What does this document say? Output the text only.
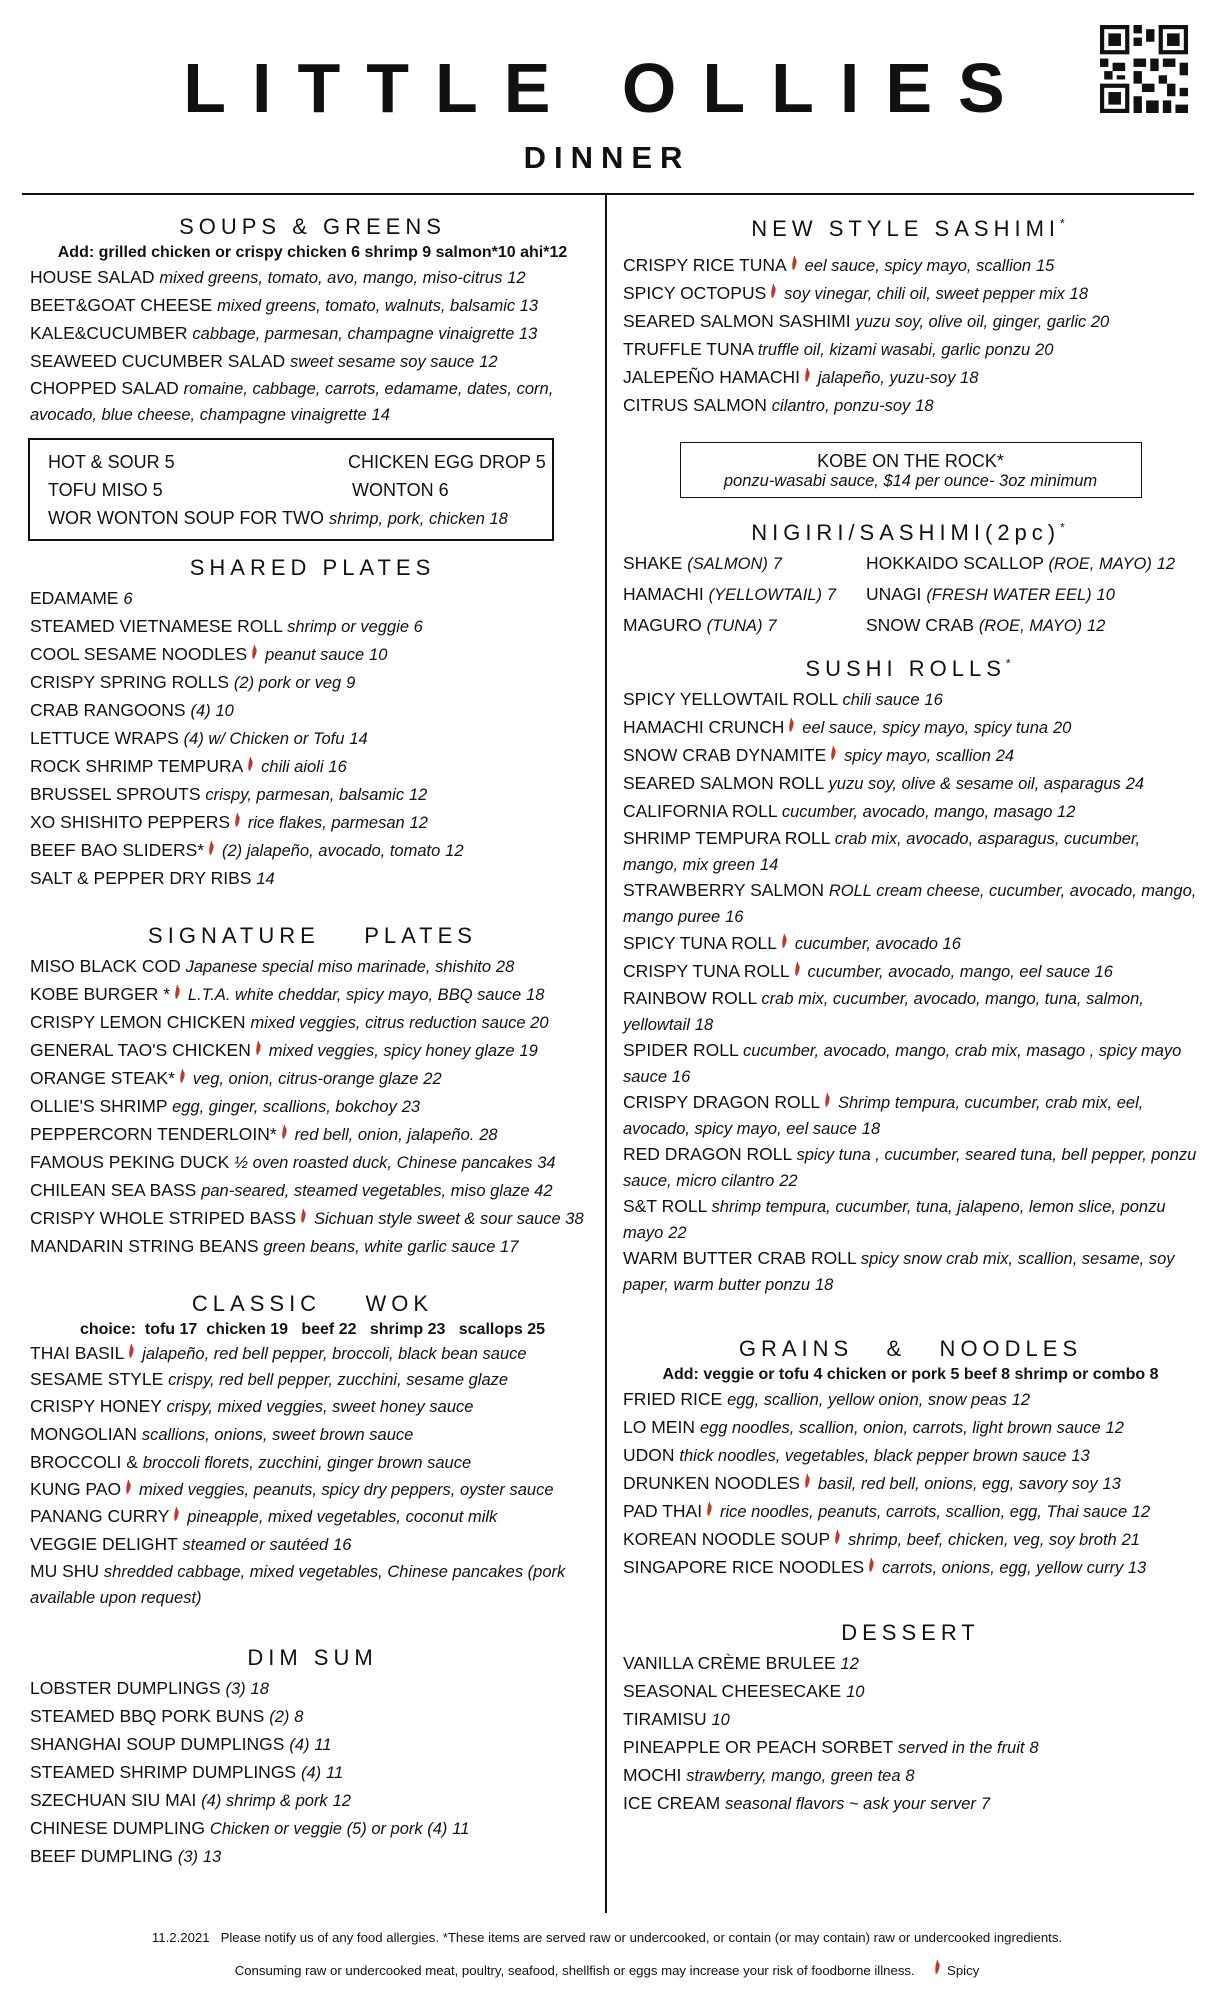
LITTLE OLLIES
DINNER
SOUPS & GREENS
Add: grilled chicken or crispy chicken 6 shrimp 9 salmon*10 ahi*12
HOUSE SALAD mixed greens, tomato, avo, mango, miso-citrus 12
BEET&GOAT CHEESE mixed greens, tomato, walnuts, balsamic 13
KALE&CUCUMBER cabbage, parmesan, champagne vinaigrette 13
SEAWEED CUCUMBER SALAD sweet sesame soy sauce 12
CHOPPED SALAD romaine, cabbage, carrots, edamame, dates, corn, avocado, blue cheese, champagne vinaigrette 14
HOT & SOUR 5	CHICKEN EGG DROP 5
TOFU MISO 5	WONTON 6
WOR WONTON SOUP FOR TWO shrimp, pork, chicken 18
SHARED PLATES
EDAMAME 6
STEAMED VIETNAMESE ROLL shrimp or veggie 6
COOL SESAME NOODLES peanut sauce 10
CRISPY SPRING ROLLS (2) pork or veg 9
CRAB RANGOONS (4) 10
LETTUCE WRAPS (4) w/ Chicken or Tofu 14
ROCK SHRIMP TEMPURA chili aioli 16
BRUSSEL SPROUTS crispy, parmesan, balsamic 12
XO SHISHITO PEPPERS rice flakes, parmesan 12
BEEF BAO SLIDERS* (2) jalapeño, avocado, tomato 12
SALT & PEPPER DRY RIBS 14
SIGNATURE    PLATES
MISO BLACK COD Japanese special miso marinade, shishito 28
KOBE BURGER * L.T.A. white cheddar, spicy mayo, BBQ sauce 18
CRISPY LEMON CHICKEN mixed veggies, citrus reduction sauce 20
GENERAL TAO'S CHICKEN mixed veggies, spicy honey glaze 19
ORANGE STEAK* veg, onion, citrus-orange glaze 22
OLLIE'S SHRIMP egg, ginger, scallions, bokchoy 23
PEPPERCORN TENDERLOIN* red bell, onion, jalapeño. 28
FAMOUS PEKING DUCK ½ oven roasted duck, Chinese pancakes 34
CHILEAN SEA BASS pan-seared, steamed vegetables, miso glaze 42
CRISPY WHOLE STRIPED BASS Sichuan style sweet & sour sauce 38
MANDARIN STRING BEANS green beans, white garlic sauce 17
CLASSIC    WOK
choice:  tofu 17  chicken 19   beef 22   shrimp 23   scallops 25
THAI BASIL jalapeño, red bell pepper, broccoli, black bean sauce
SESAME STYLE crispy, red bell pepper, zucchini, sesame glaze
CRISPY HONEY crispy, mixed veggies, sweet honey sauce
MONGOLIAN scallions, onions, sweet brown sauce
BROCCOLI & broccoli florets, zucchini, ginger brown sauce
KUNG PAO mixed veggies, peanuts, spicy dry peppers, oyster sauce
PANANG CURRY pineapple, mixed vegetables, coconut milk
VEGGIE DELIGHT steamed or sautéed 16
MU SHU shredded cabbage, mixed vegetables, Chinese pancakes (pork available upon request)
DIM SUM
LOBSTER DUMPLINGS (3) 18
STEAMED BBQ PORK BUNS (2) 8
SHANGHAI SOUP DUMPLINGS (4) 11
STEAMED SHRIMP DUMPLINGS (4) 11
SZECHUAN SIU MAI (4) shrimp & pork 12
CHINESE DUMPLING Chicken or veggie (5) or pork (4) 11
BEEF DUMPLING (3) 13
NEW STYLE SASHIMI*
CRISPY RICE TUNA eel sauce, spicy mayo, scallion 15
SPICY OCTOPUS soy vinegar, chili oil, sweet pepper mix 18
SEARED SALMON SASHIMI yuzu soy, olive oil, ginger, garlic 20
TRUFFLE TUNA truffle oil, kizami wasabi, garlic ponzu 20
JALEPEÑO HAMACHI jalapeño, yuzu-soy 18
CITRUS SALMON cilantro, ponzu-soy 18
KOBE ON THE ROCK*
ponzu-wasabi sauce, $14 per ounce- 3oz minimum
NIGIRI/SASHIMI(2pc)*
SHAKE (SALMON) 7	HOKKAIDO SCALLOP (ROE, MAYO) 12
HAMACHI (YELLOWTAIL) 7	UNAGI (FRESH WATER EEL) 10
MAGURO (TUNA) 7	SNOW CRAB (ROE, MAYO) 12
SUSHI ROLLS*
SPICY YELLOWTAIL ROLL chili sauce 16
HAMACHI CRUNCH eel sauce, spicy mayo, spicy tuna 20
SNOW CRAB DYNAMITE spicy mayo, scallion 24
SEARED SALMON ROLL yuzu soy, olive & sesame oil, asparagus 24
CALIFORNIA ROLL cucumber, avocado, mango, masago 12
SHRIMP TEMPURA ROLL crab mix, avocado, asparagus, cucumber, mango, mix green 14
STRAWBERRY SALMON ROLL cream cheese, cucumber, avocado, mango, mango puree 16
SPICY TUNA ROLL cucumber, avocado 16
CRISPY TUNA ROLL cucumber, avocado, mango, eel sauce 16
RAINBOW ROLL crab mix, cucumber, avocado, mango, tuna, salmon, yellowtail 18
SPIDER ROLL cucumber, avocado, mango, crab mix, masago , spicy mayo sauce 16
CRISPY DRAGON ROLL Shrimp tempura, cucumber, crab mix, eel, avocado, spicy mayo, eel sauce 18
RED DRAGON ROLL spicy tuna , cucumber, seared tuna, bell pepper, ponzu sauce, micro cilantro 22
S&T ROLL shrimp tempura, cucumber, tuna, jalapeno, lemon slice, ponzu mayo 22
WARM BUTTER CRAB ROLL spicy snow crab mix, scallion, sesame, soy paper, warm butter ponzu 18
GRAINS   &   NOODLES
Add: veggie or tofu 4 chicken or pork 5 beef 8 shrimp or combo 8
FRIED RICE egg, scallion, yellow onion, snow peas 12
LO MEIN egg noodles, scallion, onion, carrots, light brown sauce 12
UDON thick noodles, vegetables, black pepper brown sauce 13
DRUNKEN NOODLES basil, red bell, onions, egg, savory soy 13
PAD THAI rice noodles, peanuts, carrots, scallion, egg, Thai sauce 12
KOREAN NOODLE SOUP shrimp, beef, chicken, veg, soy broth 21
SINGAPORE RICE NOODLES carrots, onions, egg, yellow curry 13
DESSERT
VANILLA CRÈME BRULEE 12
SEASONAL CHEESECAKE 10
TIRAMISU 10
PINEAPPLE OR PEACH SORBET served in the fruit 8
MOCHI strawberry, mango, green tea 8
ICE CREAM seasonal flavors ~ ask your server 7
11.2.2021   Please notify us of any food allergies. *These items are served raw or undercooked, or contain (or may contain) raw or undercooked ingredients.
Consuming raw or undercooked meat, poultry, seafood, shellfish or eggs may increase your risk of foodborne illness. Spicy
